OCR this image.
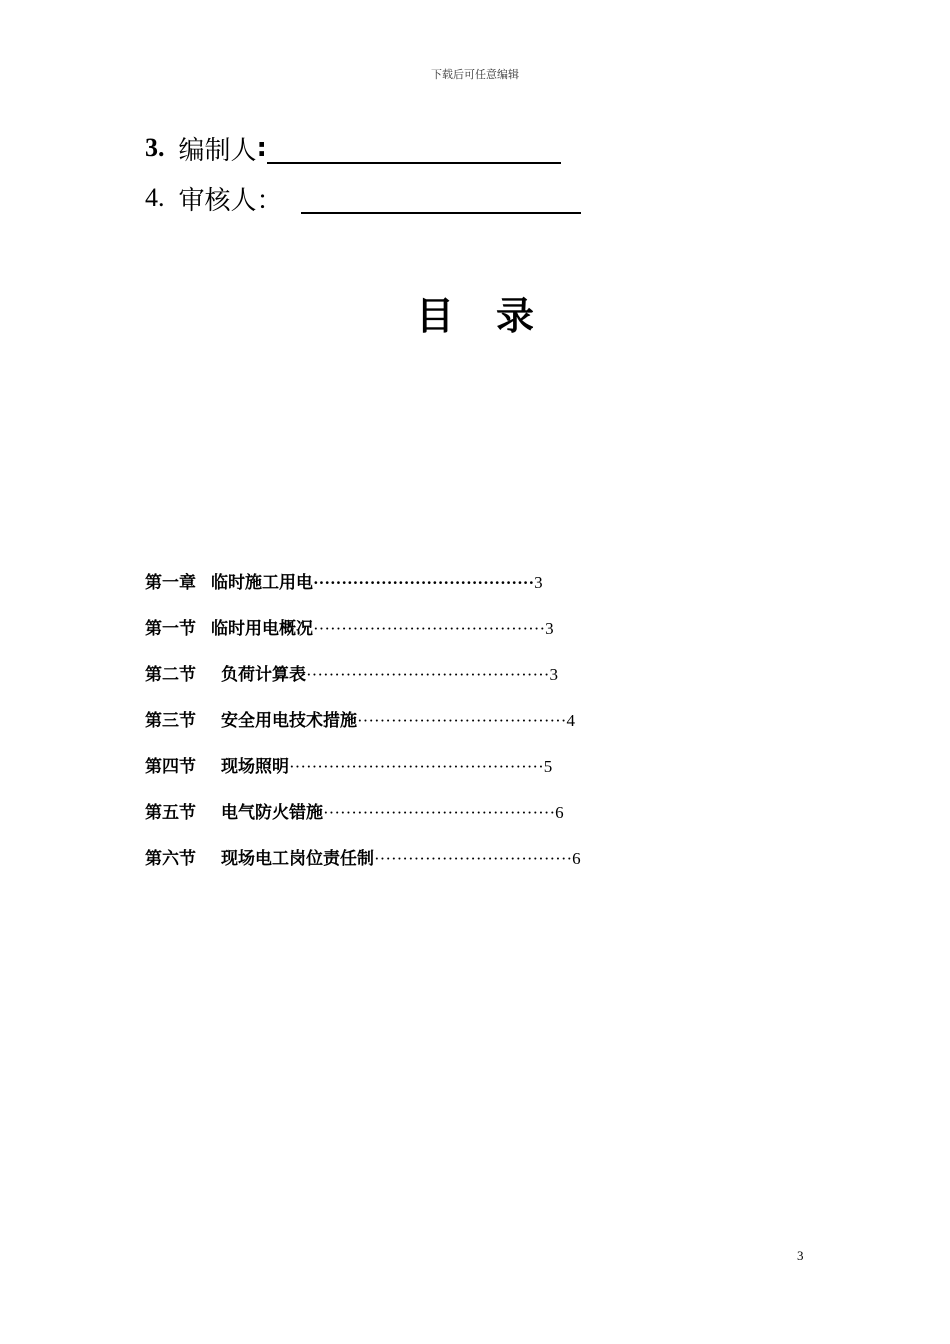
下载后可任意编辑
3. 编制人 :
4. 审核人 ：
目录
第一章 临时施工用电 ······································· 3
第一节 临时用电概况 ········································· 3
第二节	负荷计算表 ··········································· 3
第三节	安全用电技术措施 ····································· 4
第四节	现场照明 ············································· 5
第五节	电气防火错施 ········································· 6
第六节	现场电工岗位责任制 ··································· 6
3
